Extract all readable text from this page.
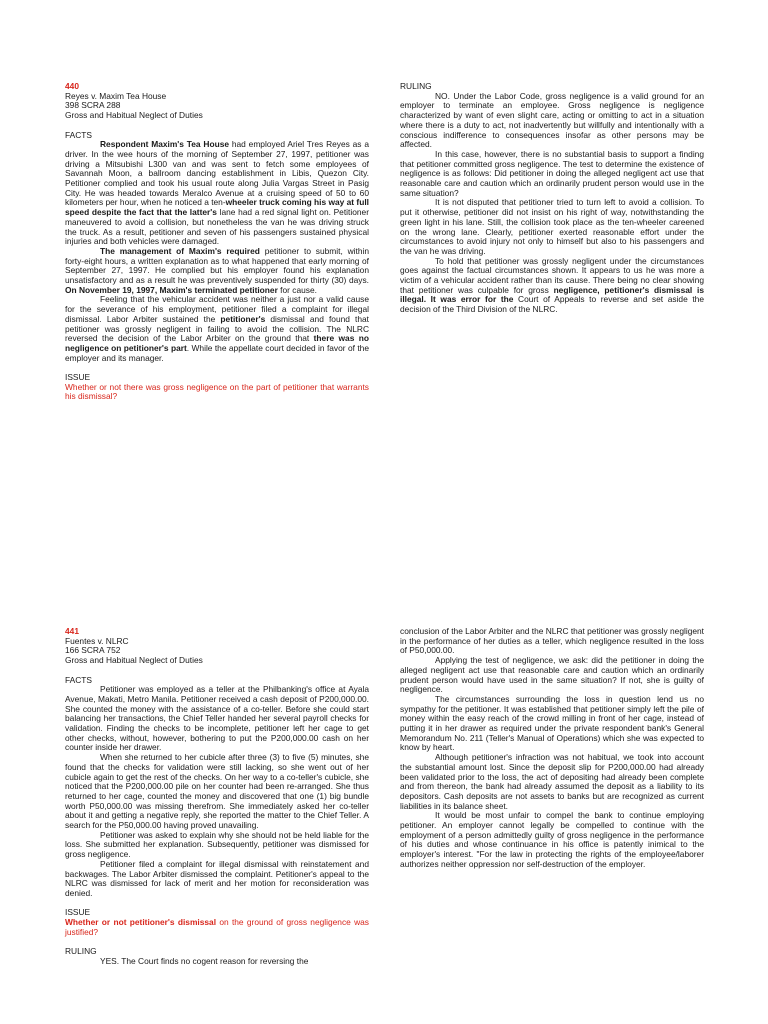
440

Reyes v. Maxim Tea House

398 SCRA 288

Gross and Habitual Neglect of Duties

FACTS

Respondent Maxim's Tea House had employed Ariel Tres Reyes as a driver. In the wee hours of the morning of September 27, 1997, petitioner was driving a Mitsubishi L300 van and was sent to fetch some employees of Savannah Moon, a ballroom dancing establishment in Libis, Quezon City. Petitioner complied and took his usual route along Julia Vargas Street in Pasig City. He was headed towards Meralco Avenue at a cruising speed of 50 to 60 kilometers per hour, when he noticed a ten-wheeler truck coming his way at full speed despite the fact that the latter's lane had a red signal light on. Petitioner maneuvered to avoid a collision, but nonetheless the van he was driving struck the truck. As a result, petitioner and seven of his passengers sustained physical injuries and both vehicles were damaged.

The management of Maxim's required petitioner to submit, within forty-eight hours, a written explanation as to what happened that early morning of September 27, 1997. He complied but his employer found his explanation unsatisfactory and as a result he was preventively suspended for thirty (30) days. On November 19, 1997, Maxim's terminated petitioner for cause.

Feeling that the vehicular accident was neither a just nor a valid cause for the severance of his employment, petitioner filed a complaint for illegal dismissal. Labor Arbiter sustained the petitioner's dismissal and found that petitioner was grossly negligent in failing to avoid the collision. The NLRC reversed the decision of the Labor Arbiter on the ground that there was no negligence on petitioner's part. While the appellate court decided in favor of the employer and its manager.

ISSUE

Whether or not there was gross negligence on the part of petitioner that warrants his dismissal?

RULING

NO. Under the Labor Code, gross negligence is a valid ground for an employer to terminate an employee. Gross negligence is negligence characterized by want of even slight care, acting or omitting to act in a situation where there is a duty to act, not inadvertently but willfully and intentionally with a conscious indifference to consequences insofar as other persons may be affected.

In this case, however, there is no substantial basis to support a finding that petitioner committed gross negligence. The test to determine the existence of negligence is as follows: Did petitioner in doing the alleged negligent act use that reasonable care and caution which an ordinarily prudent person would use in the same situation?

It is not disputed that petitioner tried to turn left to avoid a collision. To put it otherwise, petitioner did not insist on his right of way, notwithstanding the green light in his lane. Still, the collision took place as the ten-wheeler careened on the wrong lane. Clearly, petitioner exerted reasonable effort under the circumstances to avoid injury not only to himself but also to his passengers and the van he was driving.

To hold that petitioner was grossly negligent under the circumstances goes against the factual circumstances shown. It appears to us he was more a victim of a vehicular accident rather than its cause. There being no clear showing that petitioner was culpable for gross negligence, petitioner's dismissal is illegal. It was error for the Court of Appeals to reverse and set aside the decision of the Third Division of the NLRC.

441

Fuentes v. NLRC

166 SCRA 752

Gross and Habitual Neglect of Duties

FACTS

Petitioner was employed as a teller at the Philbanking's office at Ayala Avenue, Makati, Metro Manila. Petitioner received a cash deposit of P200,000.00. She counted the money with the assistance of a co-teller. Before she could start balancing her transactions, the Chief Teller handed her several payroll checks for validation. Finding the checks to be incomplete, petitioner left her cage to get other checks, without, however, bothering to put the P200,000.00 cash on her counter inside her drawer.

When she returned to her cubicle after three (3) to five (5) minutes, she found that the checks for validation were still lacking, so she went out of her cubicle again to get the rest of the checks. On her way to a co-teller's cubicle, she noticed that the P200,000.00 pile on her counter had been re-arranged. She thus returned to her cage, counted the money and discovered that one (1) big bundle worth P50,000.00 was missing therefrom. She immediately asked her co-teller about it and getting a negative reply, she reported the matter to the Chief Teller. A search for the P50,000.00 having proved unavailing.

Petitioner was asked to explain why she should not be held liable for the loss. She submitted her explanation. Subsequently, petitioner was dismissed for gross negligence.

Petitioner filed a complaint for illegal dismissal with reinstatement and backwages. The Labor Arbiter dismissed the complaint. Petitioner's appeal to the NLRC was dismissed for lack of merit and her motion for reconsideration was denied.

ISSUE

Whether or not petitioner's dismissal on the ground of gross negligence was justified?

RULING

YES. The Court finds no cogent reason for reversing the

conclusion of the Labor Arbiter and the NLRC that petitioner was grossly negligent in the performance of her duties as a teller, which negligence resulted in the loss of P50,000.00.

Applying the test of negligence, we ask: did the petitioner in doing the alleged negligent act use that reasonable care and caution which an ordinarily prudent person would have used in the same situation? If not, she is guilty of negligence.

The circumstances surrounding the loss in question lend us no sympathy for the petitioner. It was established that petitioner simply left the pile of money within the easy reach of the crowd milling in front of her cage, instead of putting it in her drawer as required under the private respondent bank's General Memorandum No. 211 (Teller's Manual of Operations) which she was expected to know by heart.

Although petitioner's infraction was not habitual, we took into account the substantial amount lost. Since the deposit slip for P200,000.00 had already been validated prior to the loss, the act of depositing had already been complete and from thereon, the bank had already assumed the deposit as a liability to its depositors. Cash deposits are not assets to banks but are recognized as current liabilities in its balance sheet.

It would be most unfair to compel the bank to continue employing petitioner. An employer cannot legally be compelled to continue with the employment of a person admittedly guilty of gross negligence in the performance of his duties and whose continuance in his office is patently inimical to the employer's interest. "For the law in protecting the rights of the employee/laborer authorizes neither oppression nor self-destruction of the employer.
